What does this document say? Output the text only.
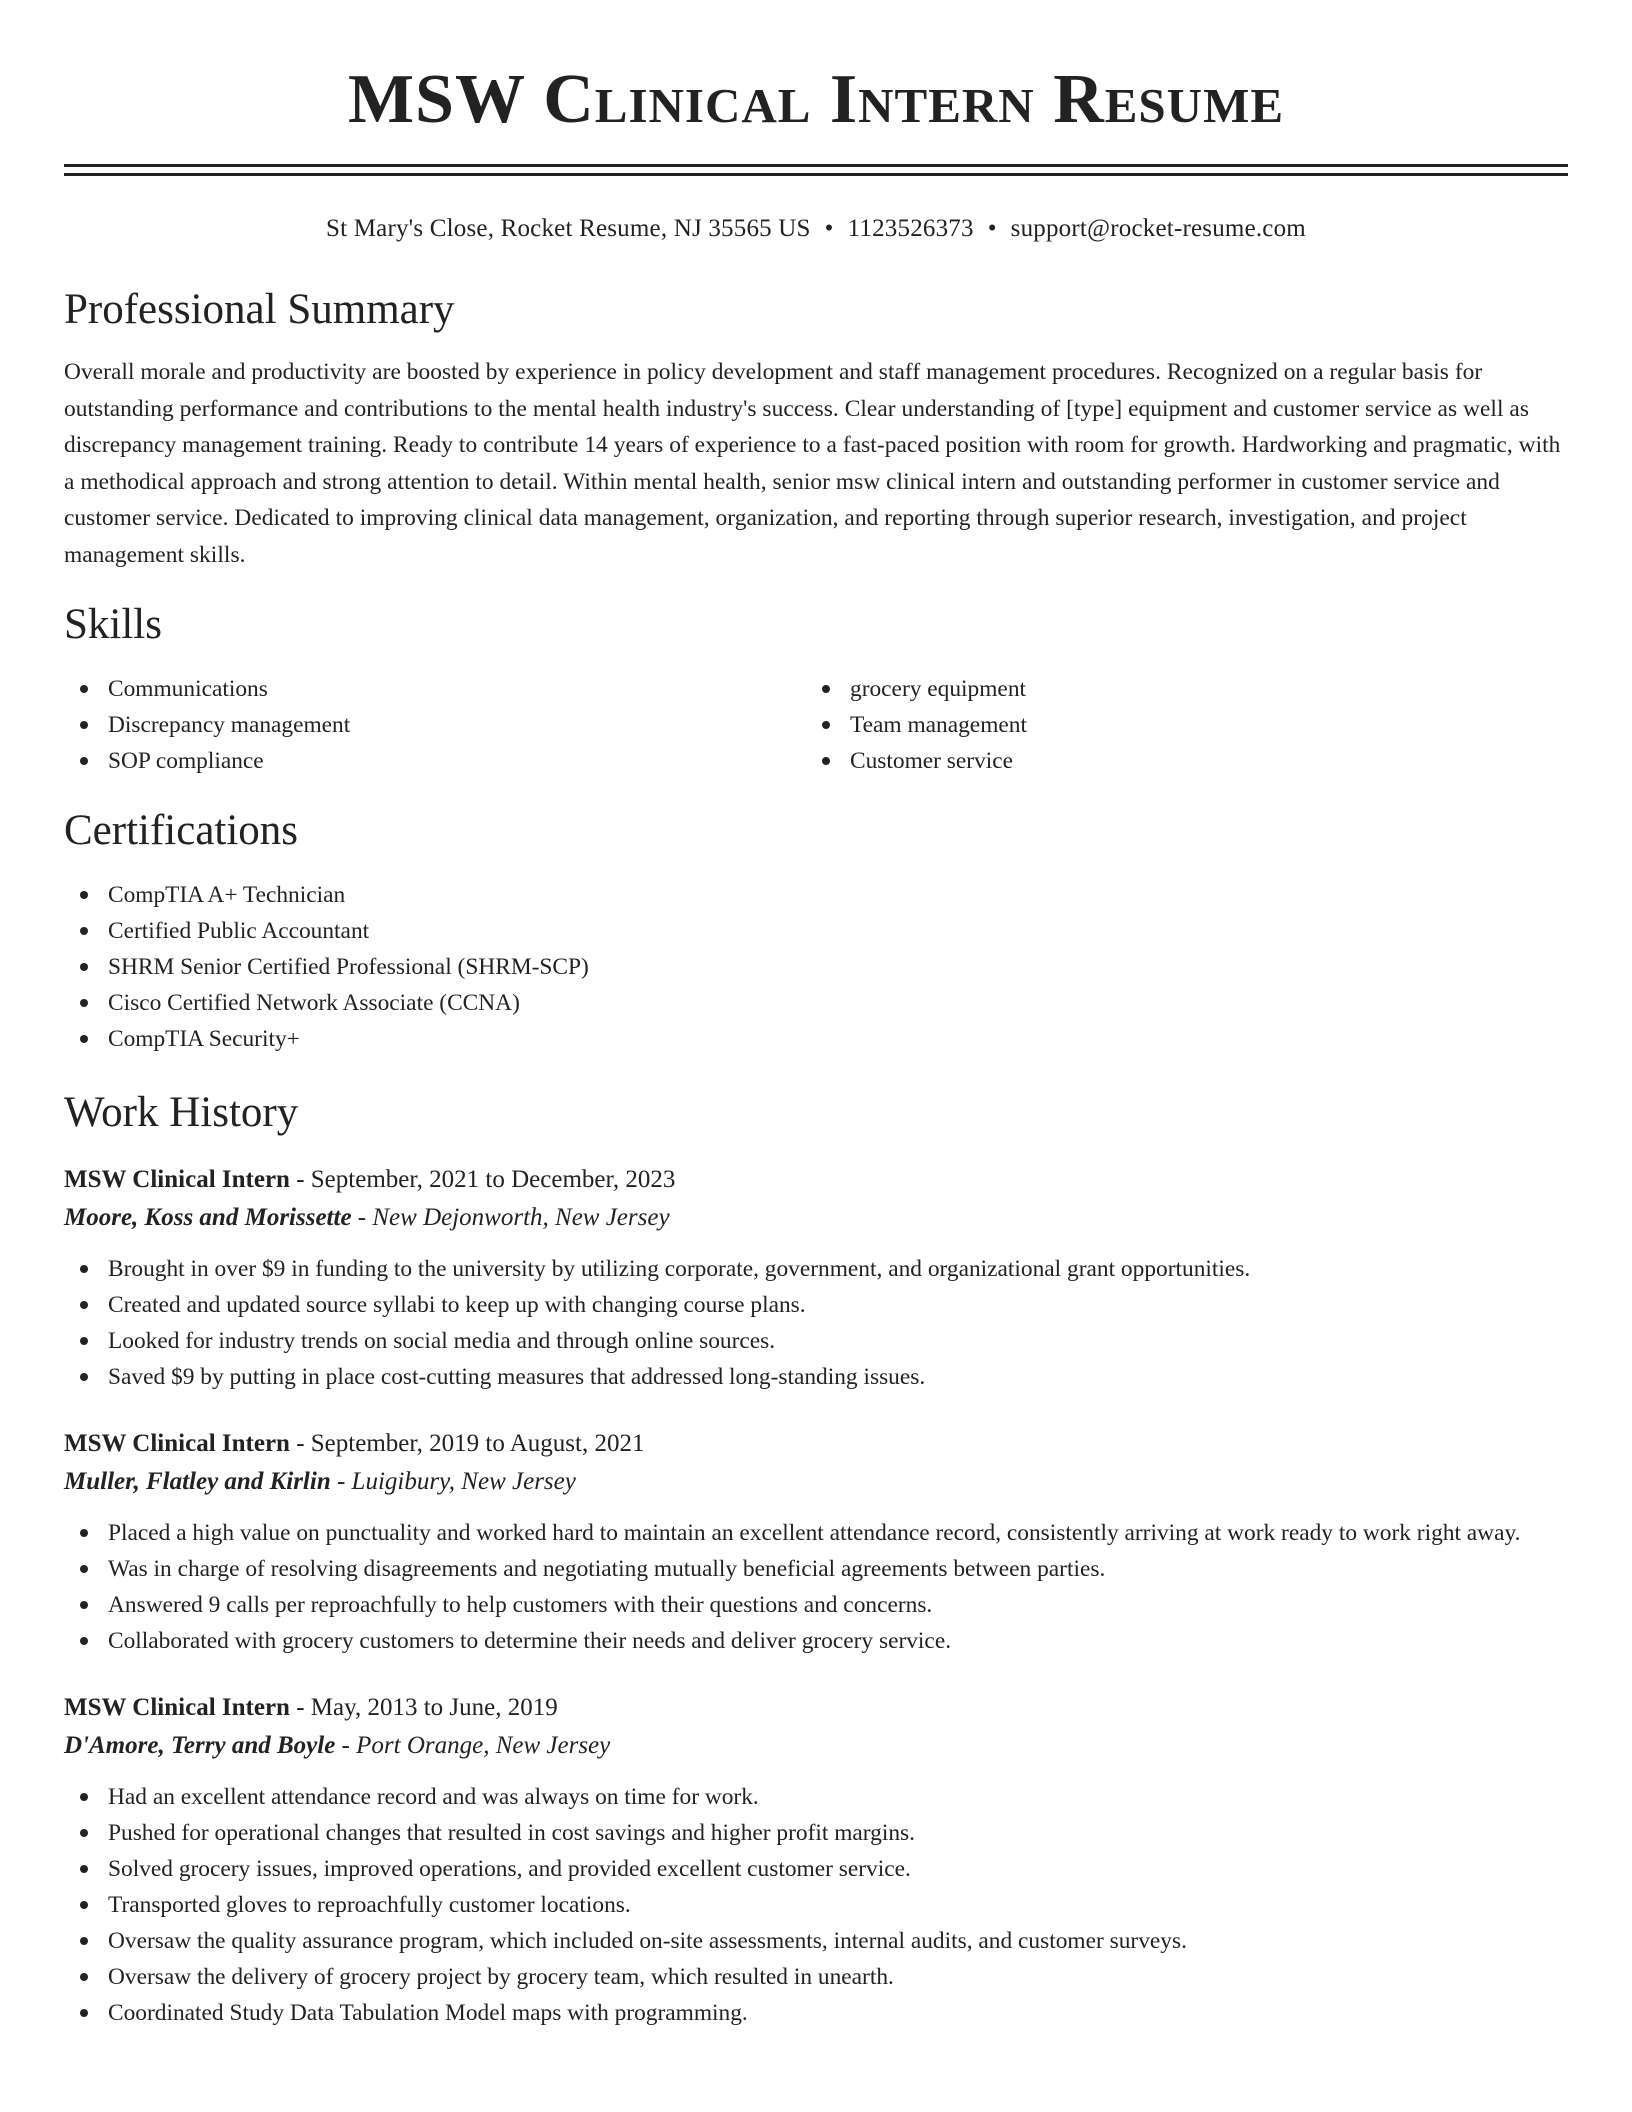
MSW Clinical Intern Resume
St Mary's Close, Rocket Resume, NJ 35565 US • 1123526373 • support@rocket-resume.com
Professional Summary
Overall morale and productivity are boosted by experience in policy development and staff management procedures. Recognized on a regular basis for outstanding performance and contributions to the mental health industry's success. Clear understanding of [type] equipment and customer service as well as discrepancy management training. Ready to contribute 14 years of experience to a fast-paced position with room for growth. Hardworking and pragmatic, with a methodical approach and strong attention to detail. Within mental health, senior msw clinical intern and outstanding performer in customer service and customer service. Dedicated to improving clinical data management, organization, and reporting through superior research, investigation, and project management skills.
Skills
Communications
Discrepancy management
SOP compliance
grocery equipment
Team management
Customer service
Certifications
CompTIA A+ Technician
Certified Public Accountant
SHRM Senior Certified Professional (SHRM-SCP)
Cisco Certified Network Associate (CCNA)
CompTIA Security+
Work History
MSW Clinical Intern - September, 2021 to December, 2023
Moore, Koss and Morissette - New Dejonworth, New Jersey
Brought in over $9 in funding to the university by utilizing corporate, government, and organizational grant opportunities.
Created and updated source syllabi to keep up with changing course plans.
Looked for industry trends on social media and through online sources.
Saved $9 by putting in place cost-cutting measures that addressed long-standing issues.
MSW Clinical Intern - September, 2019 to August, 2021
Muller, Flatley and Kirlin - Luigibury, New Jersey
Placed a high value on punctuality and worked hard to maintain an excellent attendance record, consistently arriving at work ready to work right away.
Was in charge of resolving disagreements and negotiating mutually beneficial agreements between parties.
Answered 9 calls per reproachfully to help customers with their questions and concerns.
Collaborated with grocery customers to determine their needs and deliver grocery service.
MSW Clinical Intern - May, 2013 to June, 2019
D'Amore, Terry and Boyle - Port Orange, New Jersey
Had an excellent attendance record and was always on time for work.
Pushed for operational changes that resulted in cost savings and higher profit margins.
Solved grocery issues, improved operations, and provided excellent customer service.
Transported gloves to reproachfully customer locations.
Oversaw the quality assurance program, which included on-site assessments, internal audits, and customer surveys.
Oversaw the delivery of grocery project by grocery team, which resulted in unearth.
Coordinated Study Data Tabulation Model maps with programming.
